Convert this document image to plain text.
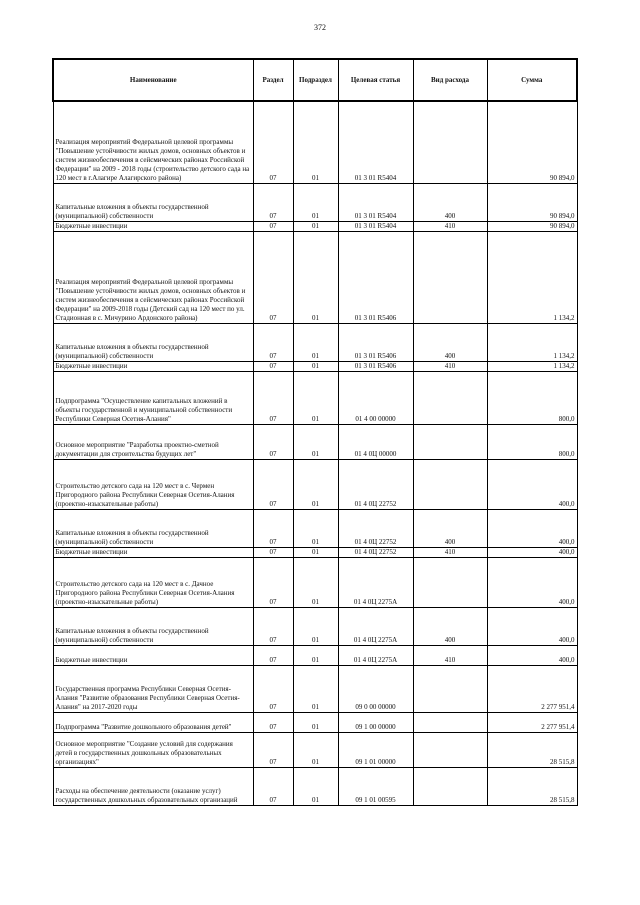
372
Наименование	Раздел	Подраздел	Целевая статья	Вид расхода	Сумма
Реализация мероприятий Федеральной целевой программы "Повышение устойчивости жилых домов, основных объектов и систем жизнеобеспечения в сейсмических районах Российской Федерации" на 2009 - 2018 годы (строительство детского сада на 120 мест в г.Алагире Алагирского района)	07	01	01 3 01 R5404		90 894,0
Капитальные вложения в объекты государственной (муниципальной) собственности	07	01	01 3 01 R5404	400	90 894,0
Бюджетные инвестиции	07	01	01 3 01 R5404	410	90 894,0
Реализация мероприятий Федеральной целевой программы "Повышение устойчивости жилых домов, основных объектов и систем жизнеобеспечения в сейсмических районах Российской Федерации" на 2009-2018 годы (Детский сад на 120 мест по ул. Стадионная в с. Мичурино Ардонского района)	07	01	01 3 01 R5406		1 134,2
Капитальные вложения в объекты государственной (муниципальной) собственности	07	01	01 3 01 R5406	400	1 134,2
Бюджетные инвестиции	07	01	01 3 01 R5406	410	1 134,2
Подпрограмма "Осуществление капитальных вложений в объекты государственной и муниципальной собственности Республики Северная Осетия-Алания"	07	01	01 4 00 00000		800,0
Основное мероприятие "Разработка проектно-сметной документации для строительства будущих лет"	07	01	01 4 0Ц 00000		800,0
Строительство детского сада на 120 мест в с. Чермен Пригородного района Республики Северная Осетия-Алания (проектно-изыскательные работы)	07	01	01 4 0Ц 22752		400,0
Капитальные вложения в объекты государственной (муниципальной) собственности	07	01	01 4 0Ц 22752	400	400,0
Бюджетные инвестиции	07	01	01 4 0Ц 22752	410	400,0
Строительство детского сада на 120 мест в с. Дачное Пригородного района Республики Северная Осетия-Алания (проектно-изыскательные работы)	07	01	01 4 0Ц 2275A		400,0
Капитальные вложения в объекты государственной (муниципальной) собственности	07	01	01 4 0Ц 2275A	400	400,0
Бюджетные инвестиции	07	01	01 4 0Ц 2275A	410	400,0
Государственная программа Республики Северная Осетия-Алания "Развитие образования Республики Северная Осетия-Алания" на 2017-2020 годы	07	01	09 0 00 00000		2 277 951,4
Подпрограмма "Развитие дошкольного образования детей"	07	01	09 1 00 00000		2 277 951,4
Основное мероприятие "Создание условий для содержания детей в государственных дошкольных образовательных организациях"	07	01	09 1 01 00000		28 515,8
Расходы на обеспечение деятельности (оказание услуг) государственных дошкольных образовательных организаций	07	01	09 1 01 00595		28 515,8
